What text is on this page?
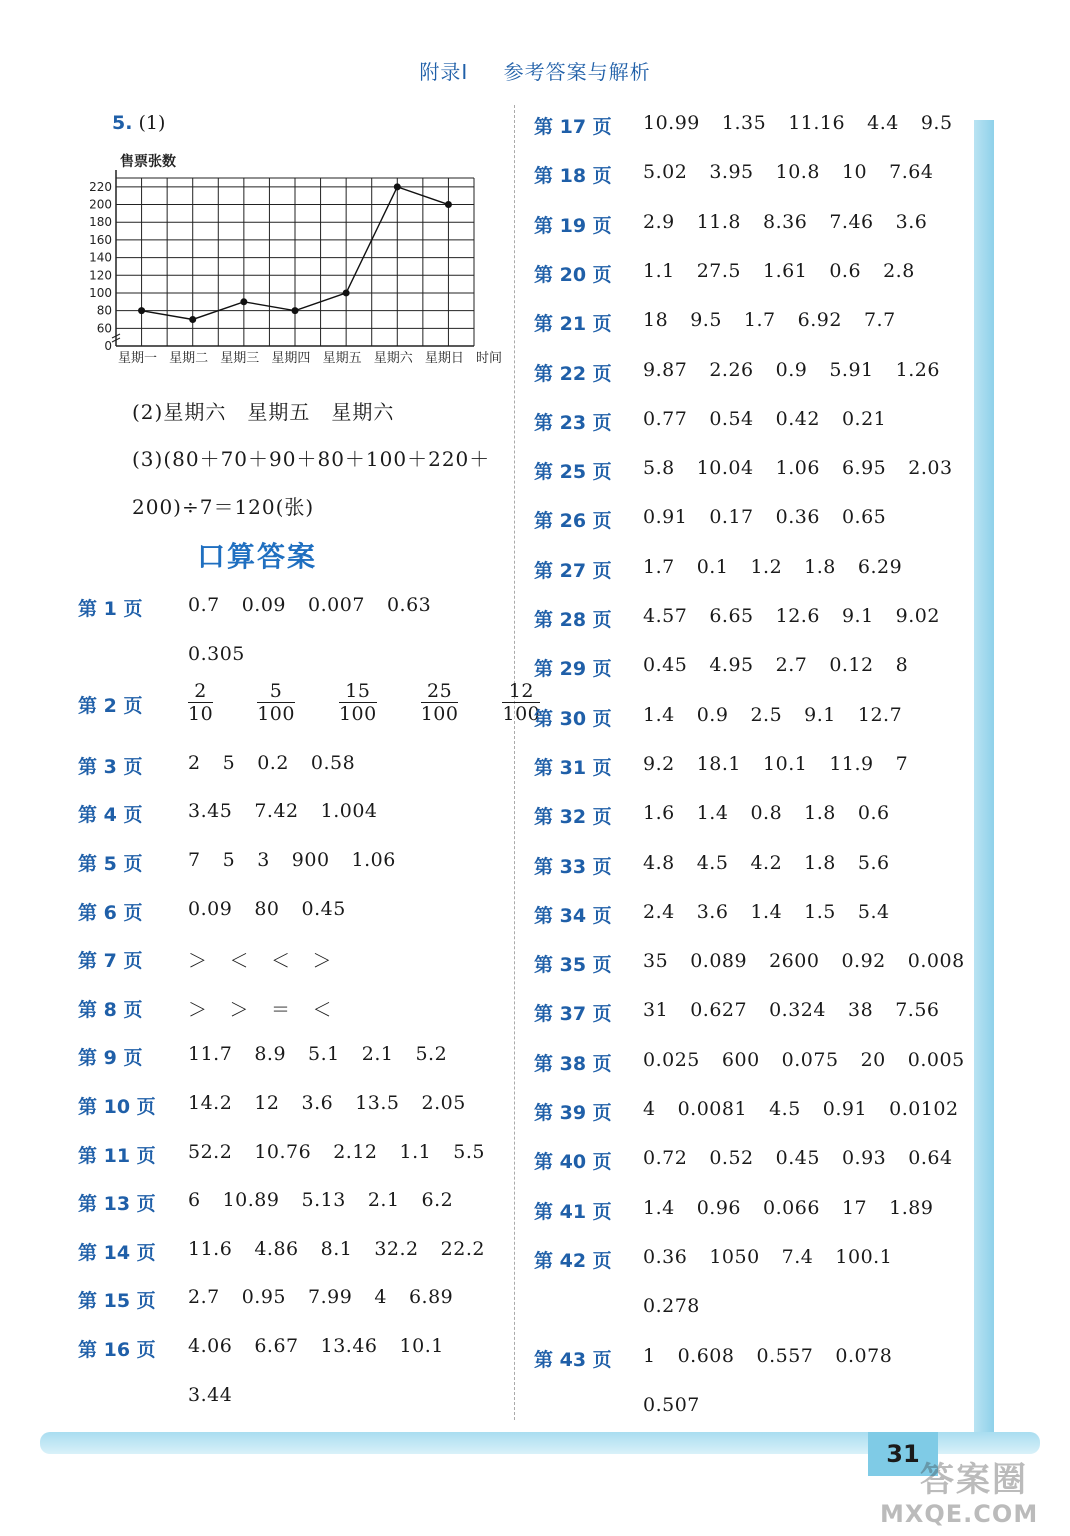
31
附录Ⅰ 参考答案与解析
5. (1)
0
60
80
100
120
140
160
180
200
220
售票张数
星期一 星期二 星期三 星期四 星期五 星期六 星期日 时间
(2)星期六　星期五　星期六
(3)(80＋70＋90＋80＋100＋220＋
200)÷7＝120(张)
口算答案
第 1 页 0.7 0.09 0.007 0.63
0.305
第 2 页 $\frac{2}{10} \frac{5}{100} \frac{15}{100} \frac{25}{100} \frac{12}{100}$
第 3 页 2 5 0.2 0.58
第 4 页 3.45 7.42 1.004
第 5 页 7 5 3 900 1.06
第 6 页 0.09 80 0.45
第 7 页 ＞ ＜ ＜ ＞
第 8 页 ＞ ＞ ＝ ＜
第 9 页 11.7 8.9 5.1 2.1 5.2
第 10 页 14.2 12 3.6 13.5 2.05
第 11 页 52.2 10.76 2.12 1.1 5.5
第 13 页 6 10.89 5.13 2.1 6.2
第 14 页 11.6 4.86 8.1 32.2 22.2
第 15 页 2.7 0.95 7.99 4 6.89
第 16 页 4.06 6.67 13.46 10.1
3.44
第 17 页 10.99 1.35 11.16 4.4 9.5
第 18 页 5.02 3.95 10.8 10 7.64
第 19 页 2.9 11.8 8.36 7.46 3.6
第 20 页 1.1 27.5 1.61 0.6 2.8
第 21 页 18 9.5 1.7 6.92 7.7
第 22 页 9.87 2.26 0.9 5.91 1.26
第 23 页 0.77 0.54 0.42 0.21
第 25 页 5.8 10.04 1.06 6.95 2.03
第 26 页 0.91 0.17 0.36 0.65
第 27 页 1.7 0.1 1.2 1.8 6.29
第 28 页 4.57 6.65 12.6 9.1 9.02
第 29 页 0.45 4.95 2.7 0.12 8
第 30 页 1.4 0.9 2.5 9.1 12.7
第 31 页 9.2 18.1 10.1 11.9 7
第 32 页 1.6 1.4 0.8 1.8 0.6
第 33 页 4.8 4.5 4.2 1.8 5.6
第 34 页 2.4 3.6 1.4 1.5 5.4
第 35 页 35 0.089 2600 0.92 0.008
第 37 页 31 0.627 0.324 38 7.56
第 38 页 0.025 600 0.075 20 0.005
第 39 页 4 0.0081 4.5 0.91 0.0102
第 40 页 0.72 0.52 0.45 0.93 0.64
第 41 页 1.4 0.96 0.066 17 1.89
第 42 页 0.36 1050 7.4 100.1
0.278
第 43 页 1 0.608 0.557 0.078
0.507
答案圈
MXQE.COM
